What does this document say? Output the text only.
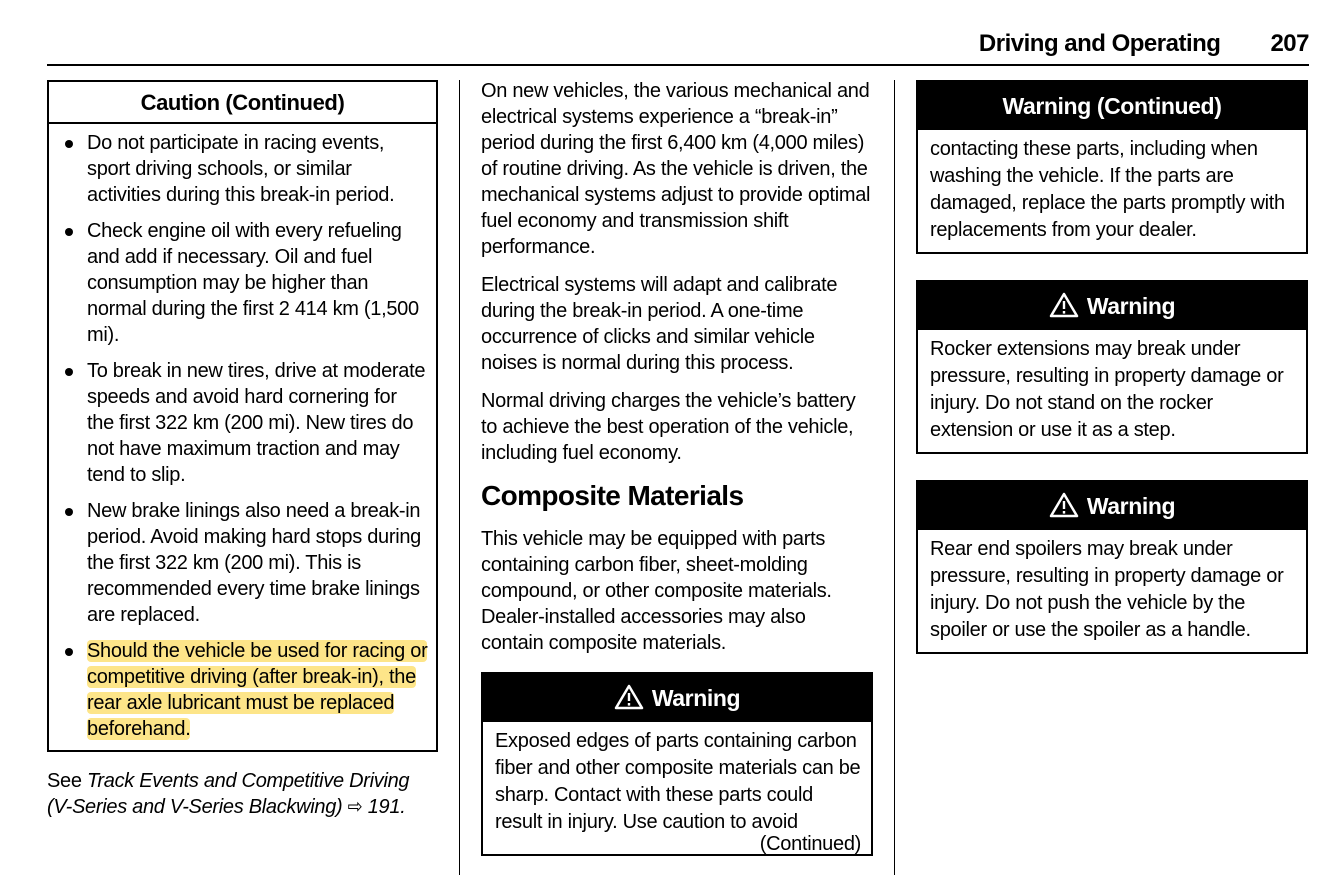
Driving and Operating 207
Caution (Continued)
Do not participate in racing events, sport driving schools, or similar activities during this break-in period.
Check engine oil with every refueling and add if necessary. Oil and fuel consumption may be higher than normal during the first 2 414 km (1,500 mi).
To break in new tires, drive at moderate speeds and avoid hard cornering for the first 322 km (200 mi). New tires do not have maximum traction and may tend to slip.
New brake linings also need a break-in period. Avoid making hard stops during the first 322 km (200 mi). This is recommended every time brake linings are replaced.
Should the vehicle be used for racing or competitive driving (after break-in), the rear axle lubricant must be replaced beforehand.
See Track Events and Competitive Driving (V-Series and V-Series Blackwing) ⇨ 191.

On new vehicles, the various mechanical and electrical systems experience a “break-in” period during the first 6,400 km (4,000 miles) of routine driving. As the vehicle is driven, the mechanical systems adjust to provide optimal fuel economy and transmission shift performance.

Electrical systems will adapt and calibrate during the break-in period. A one-time occurrence of clicks and similar vehicle noises is normal during this process.

Normal driving charges the vehicle’s battery to achieve the best operation of the vehicle, including fuel economy.

Composite Materials

This vehicle may be equipped with parts containing carbon fiber, sheet-molding compound, or other composite materials. Dealer-installed accessories may also contain composite materials.

Warning
Exposed edges of parts containing carbon fiber and other composite materials can be sharp. Contact with these parts could result in injury. Use caution to avoid
(Continued)
Warning (Continued)
contacting these parts, including when washing the vehicle. If the parts are damaged, replace the parts promptly with replacements from your dealer.
Warning
Rocker extensions may break under pressure, resulting in property damage or injury. Do not stand on the rocker extension or use it as a step.
Warning
Rear end spoilers may break under pressure, resulting in property damage or injury. Do not push the vehicle by the spoiler or use the spoiler as a handle.
